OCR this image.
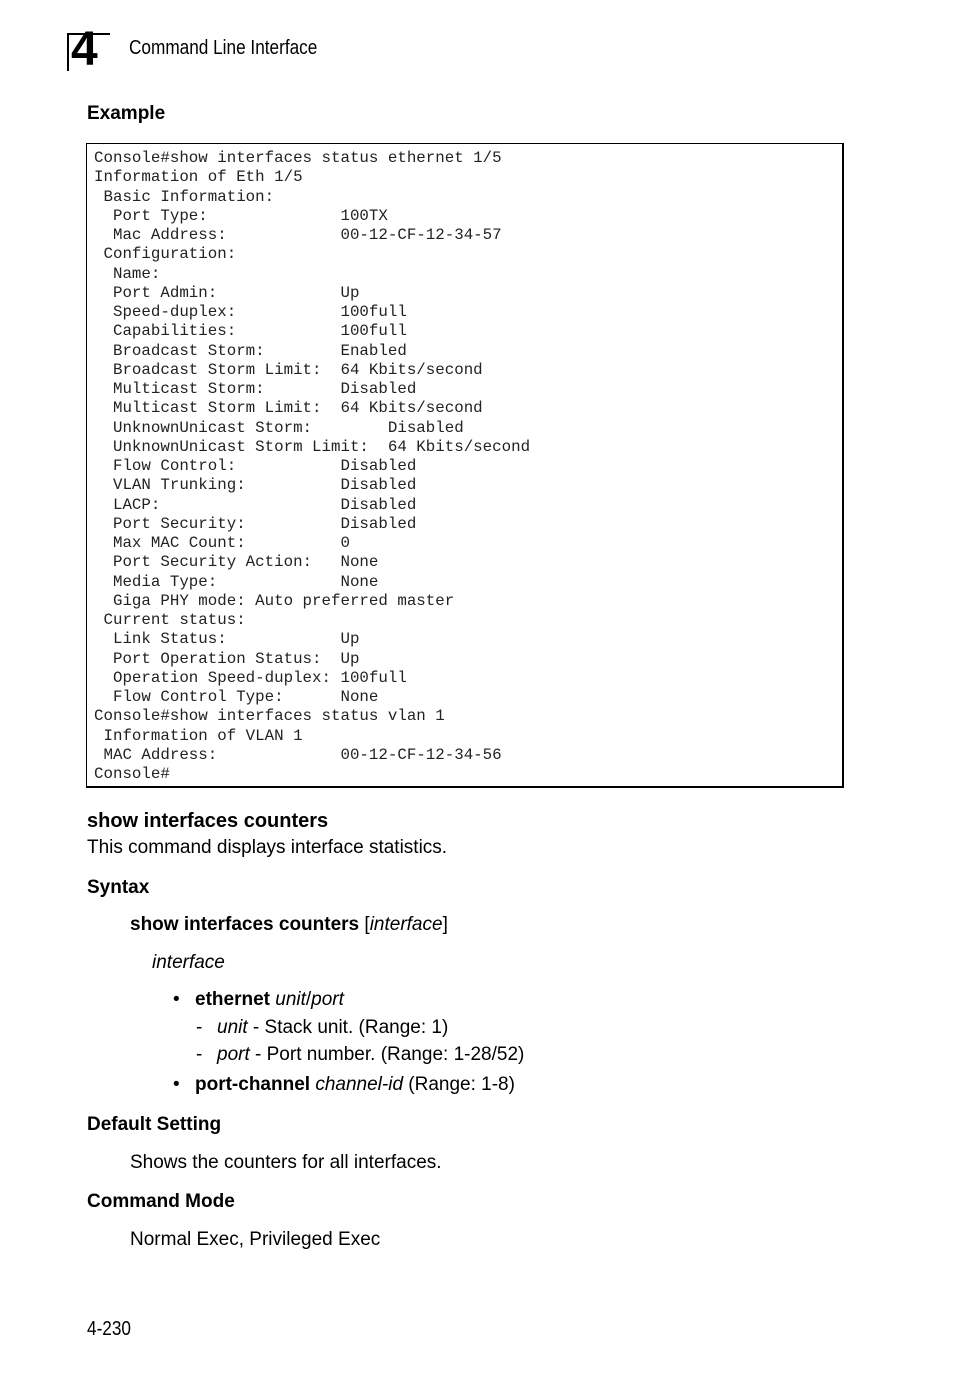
4 Command Line Interface
Example
Console#show interfaces status ethernet 1/5
Information of Eth 1/5
Basic Information:
Port Type:              100TX
Mac Address:            00-12-CF-12-34-57
Configuration:
Name:
Port Admin:             Up
Speed-duplex:           100full
Capabilities:           100full
Broadcast Storm:        Enabled
Broadcast Storm Limit:  64 Kbits/second
Multicast Storm:        Disabled
Multicast Storm Limit:  64 Kbits/second
UnknownUnicast Storm:        Disabled
UnknownUnicast Storm Limit:  64 Kbits/second
Flow Control:           Disabled
VLAN Trunking:          Disabled
LACP:                   Disabled
Port Security:          Disabled
Max MAC Count:          0
Port Security Action:   None
Media Type:             None
Giga PHY mode: Auto preferred master
Current status:
Link Status:            Up
Port Operation Status:  Up
Operation Speed-duplex: 100full
Flow Control Type:      None
Console#show interfaces status vlan 1
Information of VLAN 1
MAC Address:             00-12-CF-12-34-56
Console#
show interfaces counters
This command displays interface statistics.
Syntax
show interfaces counters [interface]
interface
• ethernet unit/port
- unit - Stack unit. (Range: 1)
- port - Port number. (Range: 1-28/52)
• port-channel channel-id (Range: 1-8)
Default Setting
Shows the counters for all interfaces.
Command Mode
Normal Exec, Privileged Exec
4-230
